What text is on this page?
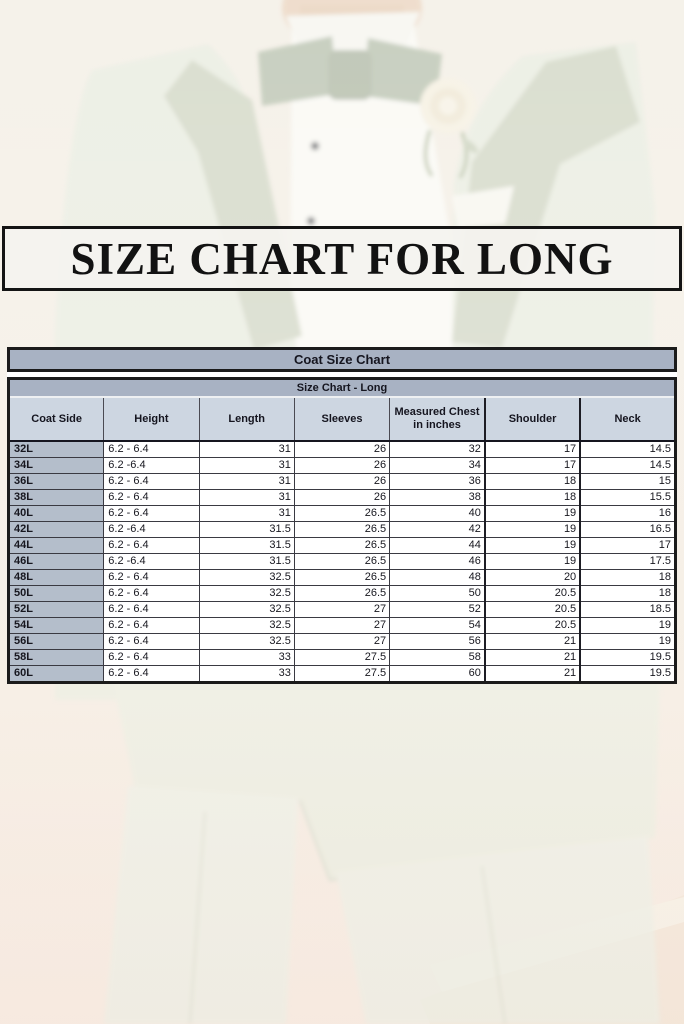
SIZE CHART FOR LONG
Coat Size Chart
Size Chart - Long						
Coat Side	Height	Length	Sleeves	Measured Chest in inches	Shoulder	Neck
32L	6.2 - 6.4	31	26	32	17	14.5
34L	6.2 -6.4	31	26	34	17	14.5
36L	6.2 - 6.4	31	26	36	18	15
38L	6.2 - 6.4	31	26	38	18	15.5
40L	6.2 - 6.4	31	26.5	40	19	16
42L	6.2 -6.4	31.5	26.5	42	19	16.5
44L	6.2 - 6.4	31.5	26.5	44	19	17
46L	6.2 -6.4	31.5	26.5	46	19	17.5
48L	6.2 - 6.4	32.5	26.5	48	20	18
50L	6.2 - 6.4	32.5	26.5	50	20.5	18
52L	6.2 - 6.4	32.5	27	52	20.5	18.5
54L	6.2 - 6.4	32.5	27	54	20.5	19
56L	6.2 - 6.4	32.5	27	56	21	19
58L	6.2 - 6.4	33	27.5	58	21	19.5
60L	6.2 - 6.4	33	27.5	60	21	19.5
